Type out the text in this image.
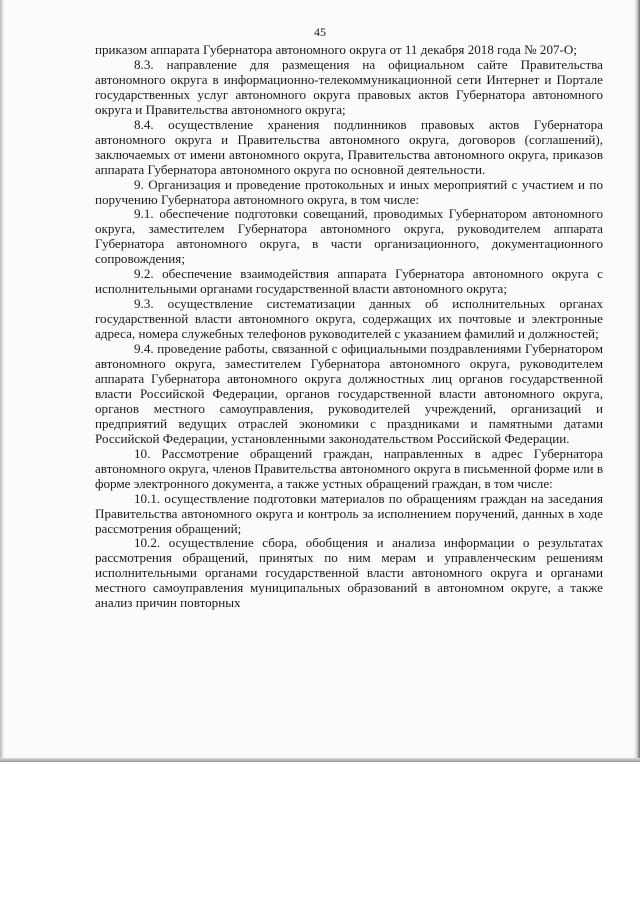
45

приказом аппарата Губернатора автономного округа от 11 декабря 2018 года № 207-О;

8.3. направление для размещения на официальном сайте Правительства автономного округа в информационно-телекоммуникационной сети Интернет и Портале государственных услуг автономного округа правовых актов Губернатора автономного округа и Правительства автономного округа;

8.4. осуществление хранения подлинников правовых актов Губернатора автономного округа и Правительства автономного округа, договоров (соглашений), заключаемых от имени автономного округа, Правительства автономного округа, приказов аппарата Губернатора автономного округа по основной деятельности.

9. Организация и проведение протокольных и иных мероприятий с участием и по поручению Губернатора автономного округа, в том числе:

9.1. обеспечение подготовки совещаний, проводимых Губернатором автономного округа, заместителем Губернатора автономного округа, руководителем аппарата Губернатора автономного округа, в части организационного, документационного сопровождения;

9.2. обеспечение взаимодействия аппарата Губернатора автономного округа с исполнительными органами государственной власти автономного округа;

9.3. осуществление систематизации данных об исполнительных органах государственной власти автономного округа, содержащих их почтовые и электронные адреса, номера служебных телефонов руководителей с указанием фамилий и должностей;

9.4. проведение работы, связанной с официальными поздравлениями Губернатором автономного округа, заместителем Губернатора автономного округа, руководителем аппарата Губернатора автономного округа должностных лиц органов государственной власти Российской Федерации, органов государственной власти автономного округа, органов местного самоуправления, руководителей учреждений, организаций и предприятий ведущих отраслей экономики с праздниками и памятными датами Российской Федерации, установленными законодательством Российской Федерации.

10. Рассмотрение обращений граждан, направленных в адрес Губернатора автономного округа, членов Правительства автономного округа в письменной форме или в форме электронного документа, а также устных обращений граждан, в том числе:

10.1. осуществление подготовки материалов по обращениям граждан на заседания Правительства автономного округа и контроль за исполнением поручений, данных в ходе рассмотрения обращений;

10.2. осуществление сбора, обобщения и анализа информации о результатах рассмотрения обращений, принятых по ним мерам и управленческим решениям исполнительными органами государственной власти автономного округа и органами местного самоуправления муниципальных образований в автономном округе, а также анализ причин повторных
